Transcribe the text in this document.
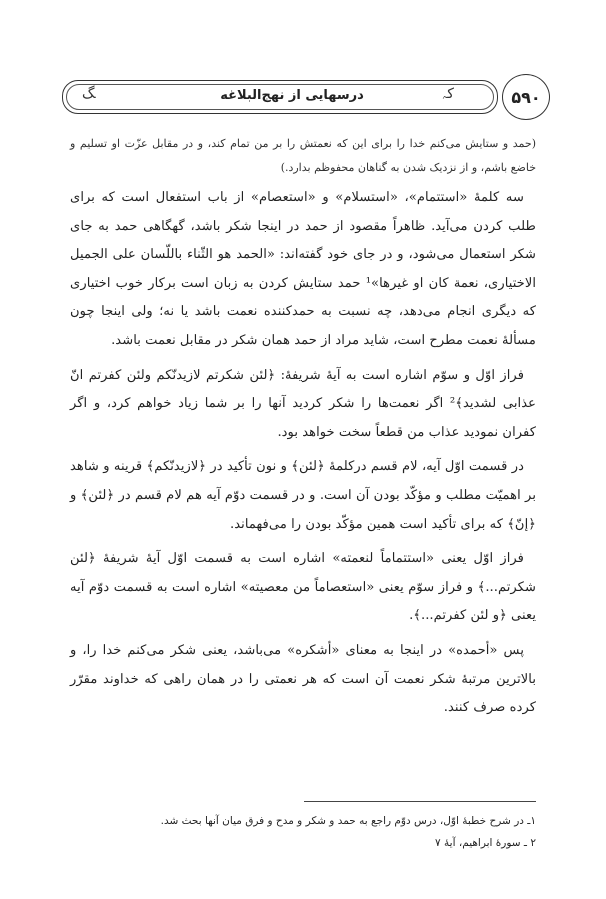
۵۹۰
درسهایی از نهج‌البلاغه	ﻛﮧ
ﮓ

(حمد و ستایش می‌کنم خدا را برای این که نعمتش را بر من تمام کند، و در مقابل عزّت او تسلیم و خاضع باشم، و از نزدیک شدن به گناهان محفوظم بدارد.)

سه کلمهٔ «استتمام»، «استسلام» و «استعصام» از باب استفعال است که برای طلب کردن می‌آید. ظاهراً مقصود از حمد در اینجا شکر باشد، گهگاهی حمد به جای شکر استعمال می‌شود، و در جای خود گفته‌اند: «الحمد هو الثّناء باللّسان علی الجمیل الاختیاری، نعمة کان او غیرها»¹ حمد ستایش کردن به زبان است برکار خوب اختیاری که دیگری انجام می‌دهد، چه نسبت به حمدکننده نعمت باشد یا نه؛ ولی اینجا چون مسألهٔ نعمت مطرح است، شاید مراد از حمد همان شکر در مقابل نعمت باشد.

فراز اوّل و سوّم اشاره است به آیهٔ شریفهٔ: ﴿لئن شکرتم لازیدنّکم ولئن کفرتم انّ عذابی لشدید﴾² اگر نعمت‌ها را شکر کردید آنها را بر شما زیاد خواهم کرد، و اگر کفران نمودید عذاب من قطعاً سخت خواهد بود.

در قسمت اوّل آیه، لام قسم درکلمهٔ ﴿لئن﴾ و نون تأکید در ﴿لازیدنّکم﴾ قرینه و شاهد بر اهمیّت مطلب و مؤکّد بودن آن است. و در قسمت دوّم آیه هم لام قسم در ﴿لئن﴾ و ﴿إنّ﴾ که برای تأکید است همین مؤکّد بودن را می‌فهماند.

فراز اوّل یعنی «استتماماً لنعمته» اشاره است به قسمت اوّل آیهٔ شریفهٔ ﴿لئن شکرتم...﴾ و فراز سوّم یعنی «استعصاماً من معصیته» اشاره است به قسمت دوّم آیه یعنی ﴿و لئن کفرتم...﴾.

پس «أحمده» در اینجا به معنای «أشکره» می‌باشد، یعنی شکر می‌کنم خدا را، و بالاترین مرتبهٔ شکر نعمت آن است که هر نعمتی را در همان راهی که خداوند مقرّر کرده صرف کنند.

۱ـ در شرح خطبهٔ اوّل، درس دوّم راجع به حمد و شکر و مدح و فرق میان آنها بحث شد.

۲ ـ سورهٔ ابراهیم، آیهٔ ۷
